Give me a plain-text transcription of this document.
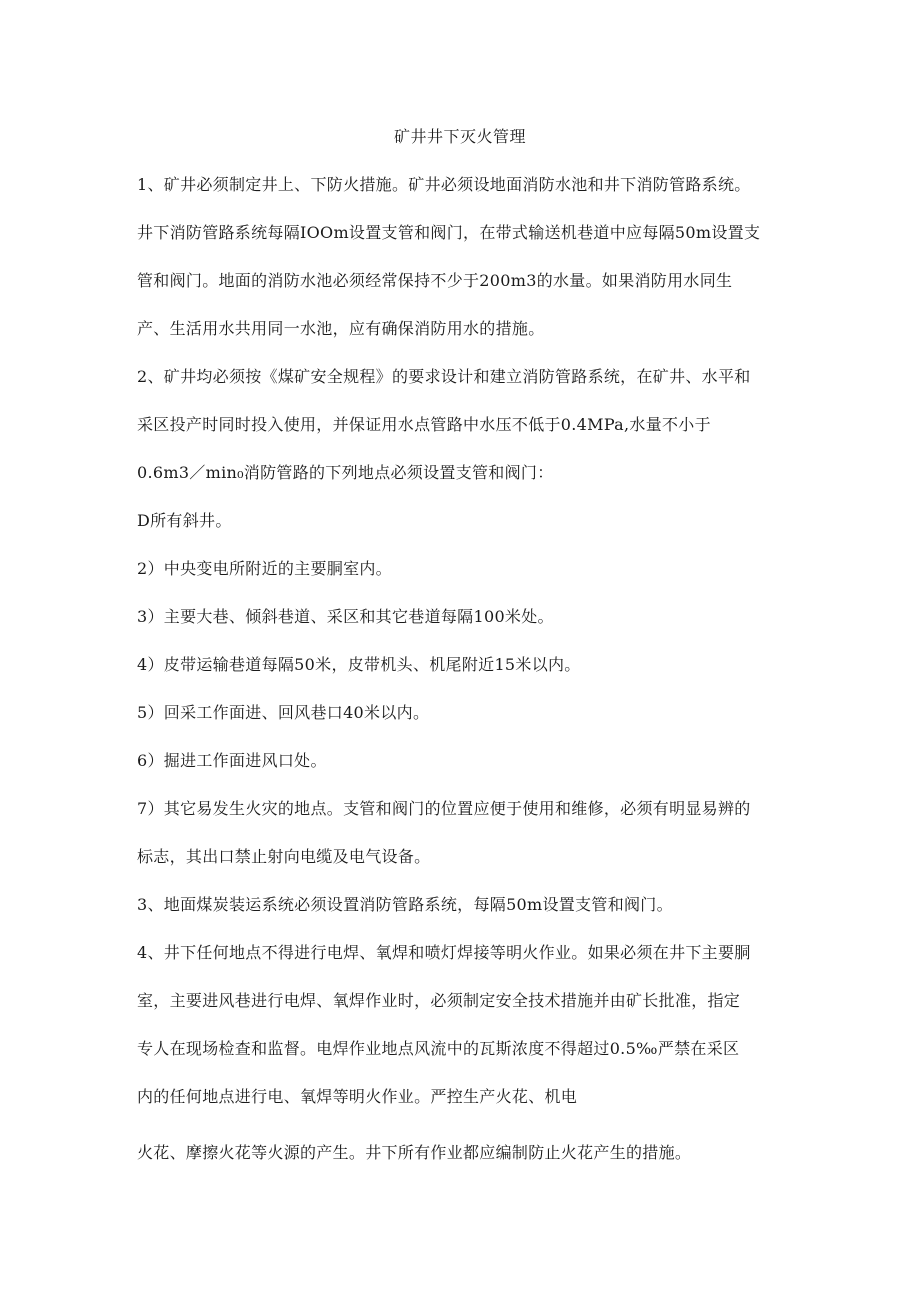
矿井井下灭火管理
1、矿井必须制定井上、下防火措施。矿井必须设地面消防水池和井下消防管路系统。
井下消防管路系统每隔IOOm设置支管和阀门，在带式输送机巷道中应每隔50m设置支
管和阀门。地面的消防水池必须经常保持不少于200m3的水量。如果消防用水同生
产、生活用水共用同一水池，应有确保消防用水的措施。
2、矿井均必须按《煤矿安全规程》的要求设计和建立消防管路系统，在矿井、水平和
采区投产时同时投入使用，并保证用水点管路中水压不低于0.4MPa,水量不小于
0.6m3／min₀消防管路的下列地点必须设置支管和阀门：
D所有斜井。
2）中央变电所附近的主要胴室内。
3）主要大巷、倾斜巷道、采区和其它巷道每隔100米处。
4）皮带运输巷道每隔50米，皮带机头、机尾附近15米以内。
5）回采工作面进、回风巷口40米以内。
6）掘进工作面进风口处。
7）其它易发生火灾的地点。支管和阀门的位置应便于使用和维修，必须有明显易辨的
标志，其出口禁止射向电缆及电气设备。
3、地面煤炭装运系统必须设置消防管路系统，每隔50m设置支管和阀门。
4、井下任何地点不得进行电焊、氧焊和喷灯焊接等明火作业。如果必须在井下主要胴
室，主要进风巷进行电焊、氧焊作业时，必须制定安全技术措施并由矿长批准，指定
专人在现场检查和监督。电焊作业地点风流中的瓦斯浓度不得超过0.5‰严禁在采区
内的任何地点进行电、氧焊等明火作业。严控生产火花、机电
火花、摩擦火花等火源的产生。井下所有作业都应编制防止火花产生的措施。
